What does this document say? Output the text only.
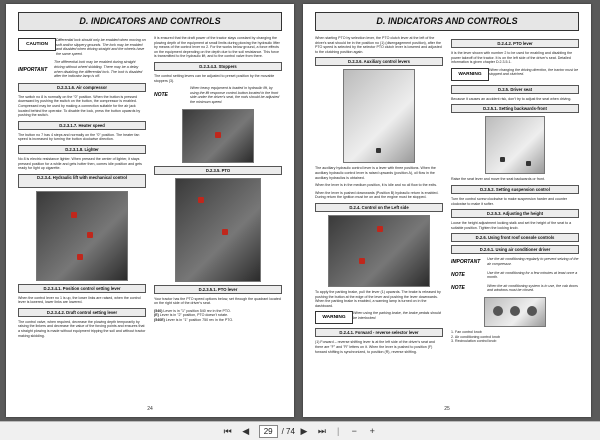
D. INDICATORS AND CONTROLS
CAUTION

Differential lock should only be enabled when moving on soft and/or slippery grounds. The lock may be enabled and disabled when driving straight and the wheels have the same speed.

IMPORTANT

The differential lock may be enabled during straight driving without wheel skidding. There may be a delay when disabling the differential lock. The lock is disabled after the indicator lamp is off.

D.2.3.1.6. Air compressor

The switch no 8 is normally on the "0" position. When the button is pressed downward by pushing the switch on the button, the compressor is enabled. Compressed may be used by making a connection suitable for the air jack located behind the operator. To disable the lock, press the button upwards by pushing the switch.

D.2.3.1.7. Heater speed

The button no 7 has 4 steps and normally on the "0" position. The heater fan speed is increased by turning the button clockwise direction.

D.2.3.1.8. Lighter

No 8 is electric resistance lighter. When pressed the center of lighter, it stays pressed position for a while and gets hotter then, comes idle position and gets ready for light up cigarette.

D.2.3.4. Hydraulic lift with mechanical control
D.2.3.4.1. Position control setting lever

When the control lever no 1 is up, the lower links are raised, when the control lever is lowered, lower links are lowered.

D.2.3.4.2. Draft control setting lever

The control valve, when required, decrease the plowing depth temporarily by raising the linkers and decrease the value of the forcing points and ensures that a straight plowing is made without equipment tripping the soil and without tractor making skidding.

It is ensured that the draft power of the tractor stays constant by changing the plowing depth of the equipment at small limits during plowing the hydraulic lifter by means of the control lever no 2. For the works below ground, a force effects on the equipment depending on the depth due to the soil resistance. This force is transmitted to the hydraulic lift, and to the control valve from there.

D.2.3.4.3. Stoppers

The control setting levers can be adjusted to preset position by the movable stoppers (3).

NOTE

When heavy equipment is loaded in hydraulic lift, by using the lift response control button located in the front side under the driver's seat, the rods should be adjusted the minimum speed.

D.2.3.5. PTO
D.2.3.5.1. PTO lever

Your tractor has the PTO speed options below, set through the quadrant located on the right side of the driver's seat.

(540) Lever is in "1" position 540 rev in the PTO.

(E) Lever is in "2" position, PTO doesn't rotate.

(540E) Lever is in "1" position 750 rev in the PTO.

24
D. INDICATORS AND CONTROLS

When starting PTO by selection lever, the PTO clutch lever at the left of the driver's seat should be in the position no (1) (disengagement position), after the PTO speed is selected by the selector PTO clutch lever is lowered and adjusted to the clutching position again.

D.2.3.6. Auxiliary control levers

The auxiliary hydraulic control lever is a lever with three positions. When the auxiliary hydraulic control lever is raised upwards (position A), oil flow in the auxiliary hydraulics is obtained.

When the lever is in the medium position, it is idle and no oil flow to the exits.

When the lever is pushed downwards (Position B) hydraulic return is enabled. During return the ignition must be on and the engine must be stopped.

D.2.4. Control on the Left side

To apply the parking brake, pull the lever (1) upwards. The brake is released by pushing the button at the edge of the lever and pushing the lever downwards. When the parking brake is enabled, a warning lamp is turned on in the dashboard.

WARNING

When using the parking brake, the brake pedals should be interlocked.

D.2.4.1. Forward - reverse selector lever

(1) Forward – reverse shifting lever is at the left side of the driver's seat and there are "F" and "R" letters on it. When the lever is pushed to position (F) forward shifting is synchronized, to position (R), reverse shifting.

D.2.4.2. PTO lever

It is the lever shown with number 2 to be used for enabling and disabling the power takeoff of the tractor. It is on the left side of the driver's seat. Detailed information is given chapter D.2.3.5.1.

WARNING

When changing the driving direction, the tractor must be stopped and clutched.

D.2.5. Driver seat

Because it causes an accident risk, don't try to adjust the seat when driving.

D.2.5.1. Setting backwards-front

Raise the seat lever and move the seat backwards or front.

D.2.5.2. Setting suspension control

Turn the control screw clockwise to make suspension harder and counter clockwise to make it softer.

D.2.5.3. Adjusting the height

Loose the height adjustment locking stalk and set the height of the seat to a suitable position. Tighten the locking knob.

D.2.6. Using front roof console controls
D.2.6.1. Using air conditioner driver
IMPORTANT	Use the air conditioning regularly to prevent seizing of the air compressor.

NOTE	Use the air conditioning for a few minutes at least once a month.

NOTE	When the air conditioning system is in use, the cab doors and windows must be closed.

1. Fan control knob

2. Air conditioning control knob

3. Recirculation control knob

25
⏮	◀	29	/ 74 ▶	⏭	|	−	+
